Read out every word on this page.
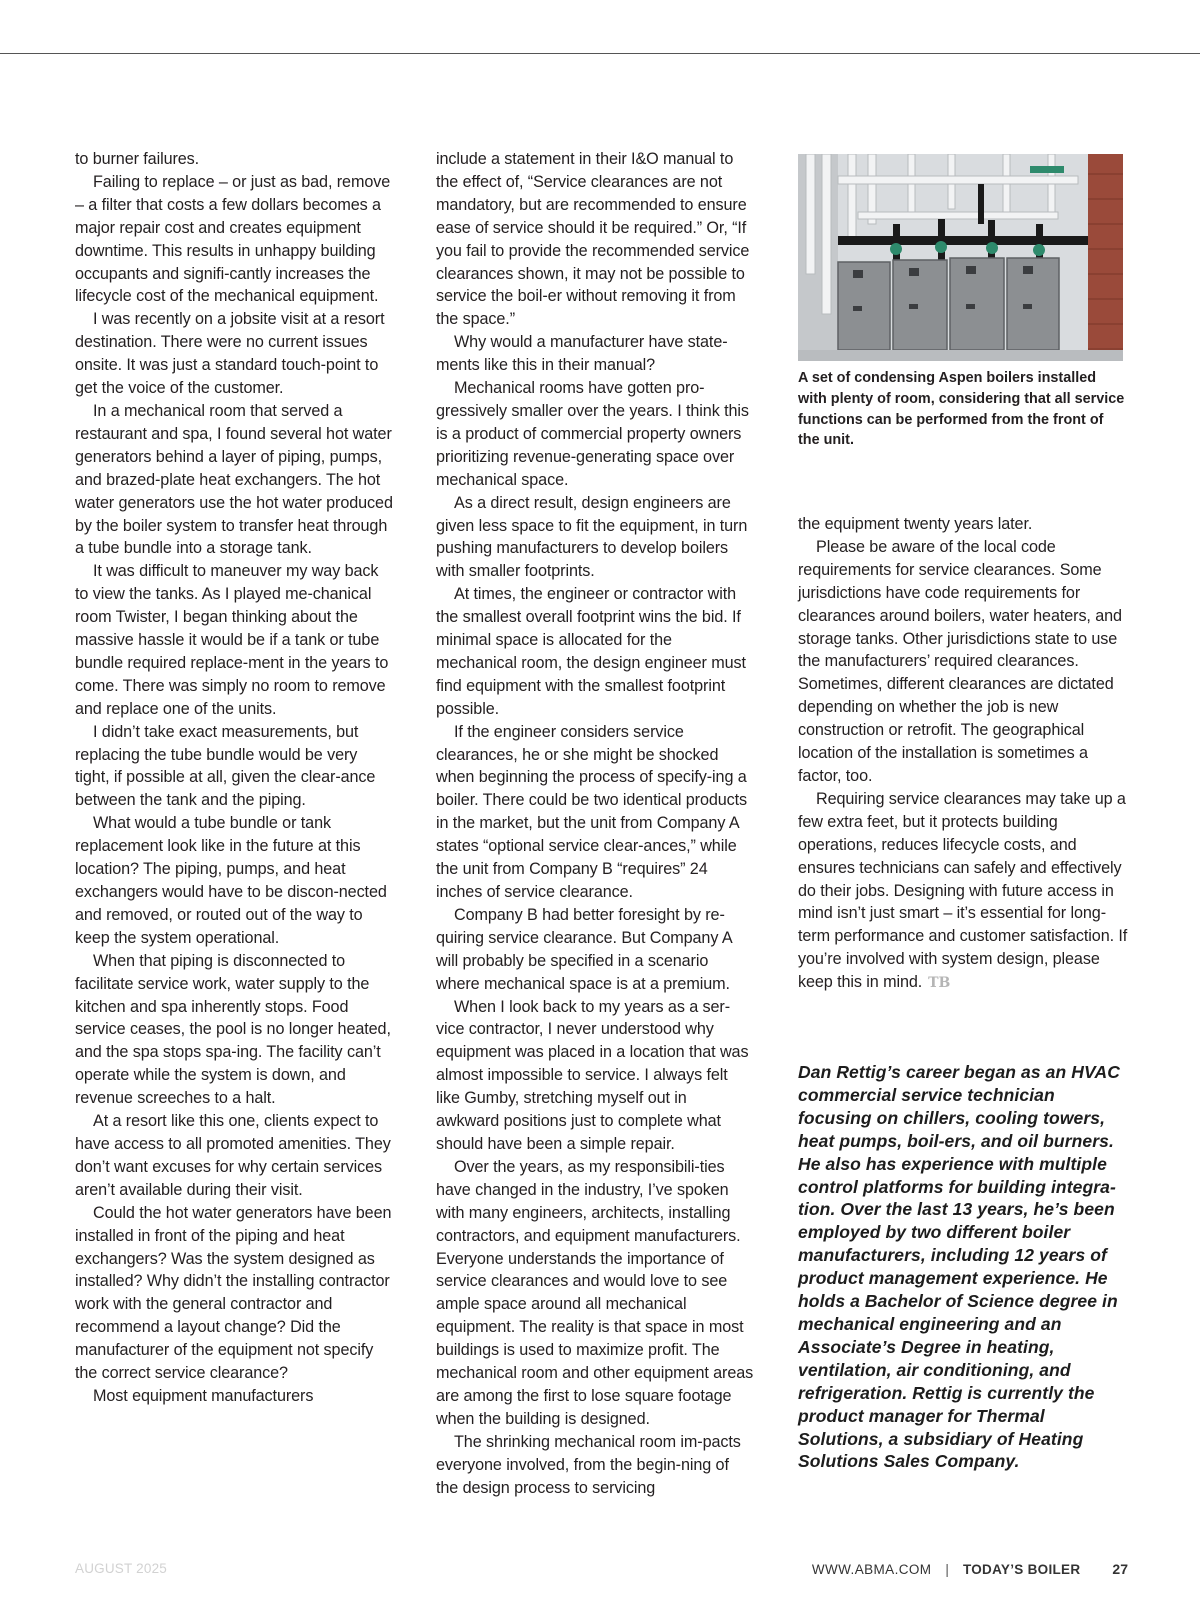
to burner failures.

Failing to replace – or just as bad, remove – a filter that costs a few dollars becomes a major repair cost and creates equipment downtime. This results in unhappy building occupants and signifi-cantly increases the lifecycle cost of the mechanical equipment.

I was recently on a jobsite visit at a resort destination. There were no current issues onsite. It was just a standard touch-point to get the voice of the customer.

In a mechanical room that served a restaurant and spa, I found several hot water generators behind a layer of piping, pumps, and brazed-plate heat exchangers. The hot water generators use the hot water produced by the boiler system to transfer heat through a tube bundle into a storage tank.

It was difficult to maneuver my way back to view the tanks. As I played me-chanical room Twister, I began thinking about the massive hassle it would be if a tank or tube bundle required replace-ment in the years to come. There was simply no room to remove and replace one of the units.

I didn’t take exact measurements, but replacing the tube bundle would be very tight, if possible at all, given the clear-ance between the tank and the piping.

What would a tube bundle or tank replacement look like in the future at this location? The piping, pumps, and heat exchangers would have to be discon-nected and removed, or routed out of the way to keep the system operational.

When that piping is disconnected to facilitate service work, water supply to the kitchen and spa inherently stops. Food service ceases, the pool is no longer heated, and the spa stops spa-ing. The facility can’t operate while the system is down, and revenue screeches to a halt.

At a resort like this one, clients expect to have access to all promoted amenities. They don’t want excuses for why certain services aren’t available during their visit.

Could the hot water generators have been installed in front of the piping and heat exchangers? Was the system designed as installed? Why didn’t the installing contractor work with the general contractor and recommend a layout change? Did the manufacturer of the equipment not specify the correct service clearance?

Most equipment manufacturers

include a statement in their I&O manual to the effect of, “Service clearances are not mandatory, but are recommended to ensure ease of service should it be required.” Or, “If you fail to provide the recommended service clearances shown, it may not be possible to service the boil-er without removing it from the space.”

Why would a manufacturer have state-ments like this in their manual?

Mechanical rooms have gotten pro-gressively smaller over the years. I think this is a product of commercial property owners prioritizing revenue-generating space over mechanical space.

As a direct result, design engineers are given less space to fit the equipment, in turn pushing manufacturers to develop boilers with smaller footprints.

At times, the engineer or contractor with the smallest overall footprint wins the bid. If minimal space is allocated for the mechanical room, the design engineer must find equipment with the smallest footprint possible.

If the engineer considers service clearances, he or she might be shocked when beginning the process of specify-ing a boiler. There could be two identical products in the market, but the unit from Company A states “optional service clear-ances,” while the unit from Company B “requires” 24 inches of service clearance.

Company B had better foresight by re-quiring service clearance. But Company A will probably be specified in a scenario where mechanical space is at a premium.

When I look back to my years as a ser-vice contractor, I never understood why equipment was placed in a location that was almost impossible to service. I always felt like Gumby, stretching myself out in awkward positions just to complete what should have been a simple repair.

Over the years, as my responsibili-ties have changed in the industry, I’ve spoken with many engineers, architects, installing contractors, and equipment manufacturers. Everyone understands the importance of service clearances and would love to see ample space around all mechanical equipment. The reality is that space in most buildings is used to maximize profit. The mechanical room and other equipment areas are among the first to lose square footage when the building is designed.

The shrinking mechanical room im-pacts everyone involved, from the begin-ning of the design process to servicing

A set of condensing Aspen boilers installed with plenty of room, considering that all service functions can be performed from the front of the unit.

the equipment twenty years later.

Please be aware of the local code requirements for service clearances. Some jurisdictions have code requirements for clearances around boilers, water heaters, and storage tanks. Other jurisdictions state to use the manufacturers’ required clearances. Sometimes, different clearances are dictated depending on whether the job is new construction or retrofit. The geographical location of the installation is sometimes a factor, too.

Requiring service clearances may take up a few extra feet, but it protects building operations, reduces lifecycle costs, and ensures technicians can safely and effectively do their jobs. Designing with future access in mind isn’t just smart – it’s essential for long-term performance and customer satisfaction. If you’re involved with system design, please keep this in mind. TB

Dan Rettig’s career began as an HVAC commercial service technician focusing on chillers, cooling towers, heat pumps, boil-ers, and oil burners. He also has experience with multiple control platforms for building integra-tion. Over the last 13 years, he’s been employed by two different boiler manufacturers, including 12 years of product management experience. He holds a Bachelor of Science degree in mechanical engineering and an Associate’s Degree in heating, ventilation, air conditioning, and refrigeration. Rettig is currently the product manager for Thermal Solutions, a subsidiary of Heating Solutions Sales Company.

AUGUST 2025	WWW.ABMA.COM | TODAY’S BOILER 27
